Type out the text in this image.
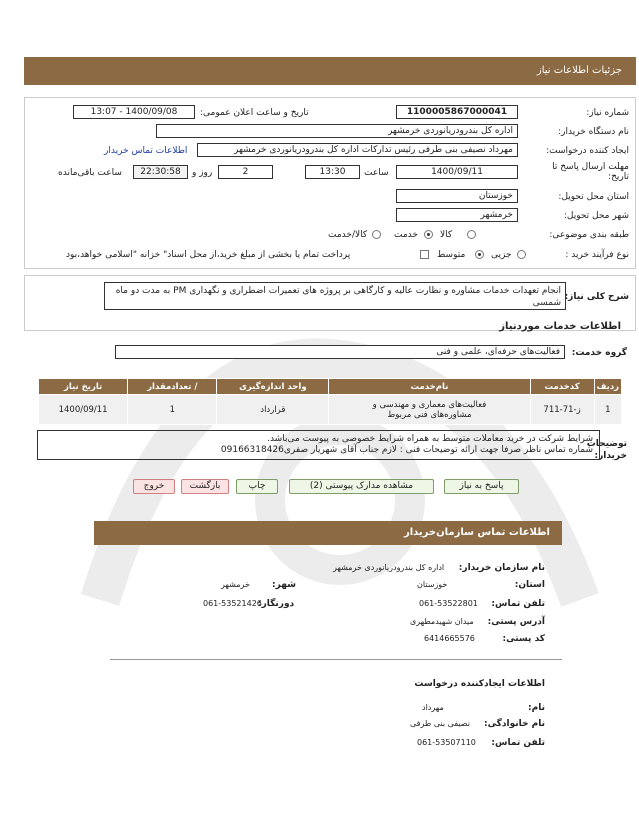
جزئیات اطلاعات نیاز
شماره نیاز:
1100005867000041
تاریخ و ساعت اعلان عمومی:
1400/09/08 - 13:07
نام دستگاه خریدار:
اداره کل بندرودریانوردی خرمشهر
ایجاد کننده درخواست:
مهرداد نصیفی بنی طرفی رئیس تدارکات اداره کل بندرودریانوردی خرمشهر
اطلاعات تماس خریدار
مهلت ارسال پاسخ تا تاریخ:
1400/09/11
ساعت
13:30
2
روز و
22:30:58
ساعت باقی‌مانده
استان محل تحویل:
خوزستان
شهر محل تحویل:
خرمشهر
طبقه بندی موضوعی:
کالا
خدمت
کالا/خدمت
نوع فرآیند خرید :
جزیی
متوسط
پرداخت تمام یا بخشی از مبلغ خرید،از محل اسناد" خزانه "اسلامی خواهد،بود
شرح کلی نیاز:
انجام تعهدات خدمات مشاوره و نظارت عالیه و کارگاهی بر پروژه های تعمیرات اضطراری و نگهداری PM به مدت دو ماه شمسی
اطلاعات خدمات موردنیاز
گروه خدمت:
فعالیت‌های حرفه‌ای، علمی و فنی
ردیف	کدخدمت	نام‌خدمت	واحد اندازه‌گیری	/ تعدادمقدار	تاریخ نیاز
1	ز-71-711	فعالیت‌های معماری و مهندسی و مشاوره‌های فنی مربوط	قرارداد	1	1400/09/11
توضیحات خریدار:
شرایط شرکت در خرید معاملات متوسط به همراه شرایط خصوصی به پیوست می‌باشد.
شماره تماس ناظر صرفا جهت ارائه توضیحات فنی : لازم جناب آقای شهریار صفری09166318426
پاسخ به نیاز
مشاهده مدارک پیوستی (2)
چاپ
بازگشت
خروج
اطلاعات تماس سازمان‌خریدار
نام سازمان خریدار:
اداره کل بندرودریانوردی خرمشهر
استان:
خوزستان
شهر:
خرمشهر
تلفن تماس:
061-53522801
دورنگار:
061-53521426
آدرس پستی:
میدان شهیدمطهری
کد پستی:
6414665576
اطلاعات ایجادکننده درخواست
نام:
مهرداد
نام خانوادگی:
نصیفی بنی طرفی
تلفن تماس:
061-53507110
